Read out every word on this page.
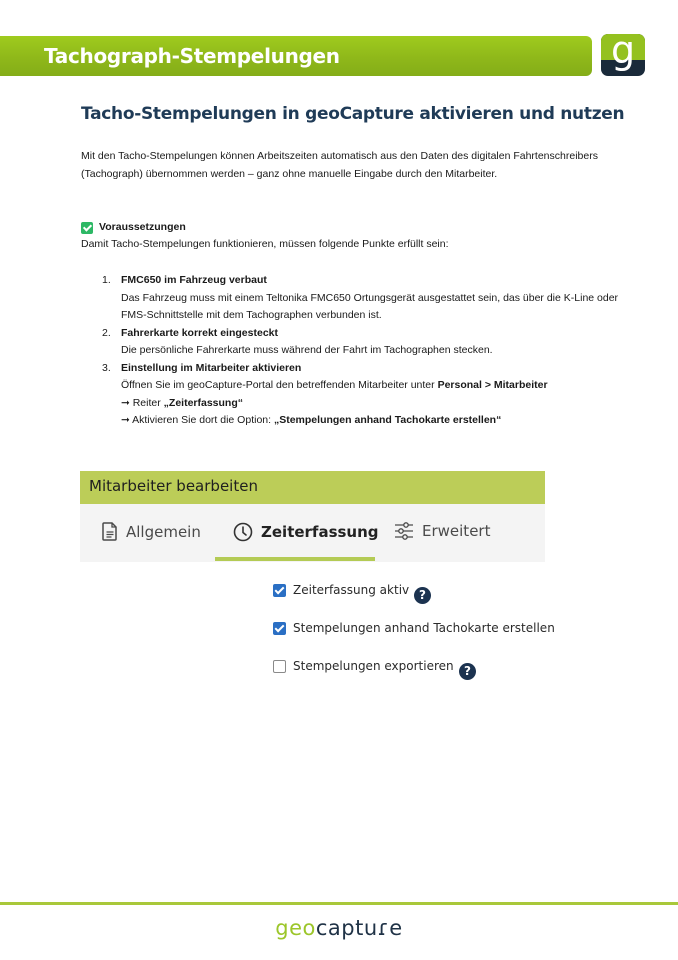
Tachograph-Stempelungen	g
Tacho-Stempelungen in geoCapture aktivieren und nutzen
Mit den Tacho-Stempelungen können Arbeitszeiten automatisch aus den Daten des digitalen Fahrtenschreibers (Tachograph) übernommen werden – ganz ohne manuelle Eingabe durch den Mitarbeiter.
Voraussetzungen
Damit Tacho-Stempelungen funktionieren, müssen folgende Punkte erfüllt sein:
1. FMC650 im Fahrzeug verbaut
Das Fahrzeug muss mit einem Teltonika FMC650 Ortungsgerät ausgestattet sein, das über die K-Line oder FMS-Schnittstelle mit dem Tachographen verbunden ist.
2. Fahrerkarte korrekt eingesteckt
Die persönliche Fahrerkarte muss während der Fahrt im Tachographen stecken.
3. Einstellung im Mitarbeiter aktivieren
Öffnen Sie im geoCapture-Portal den betreffenden Mitarbeiter unter Personal > Mitarbeiter
➞ Reiter „Zeiterfassung“
➞ Aktivieren Sie dort die Option: „Stempelungen anhand Tachokarte erstellen“
Mitarbeiter bearbeiten
Allgemein	Zeiterfassung	Erweitert
Zeiterfassung aktiv ?
Stempelungen anhand Tachokarte erstellen
Stempelungen exportieren ?
geocaptuɾe
